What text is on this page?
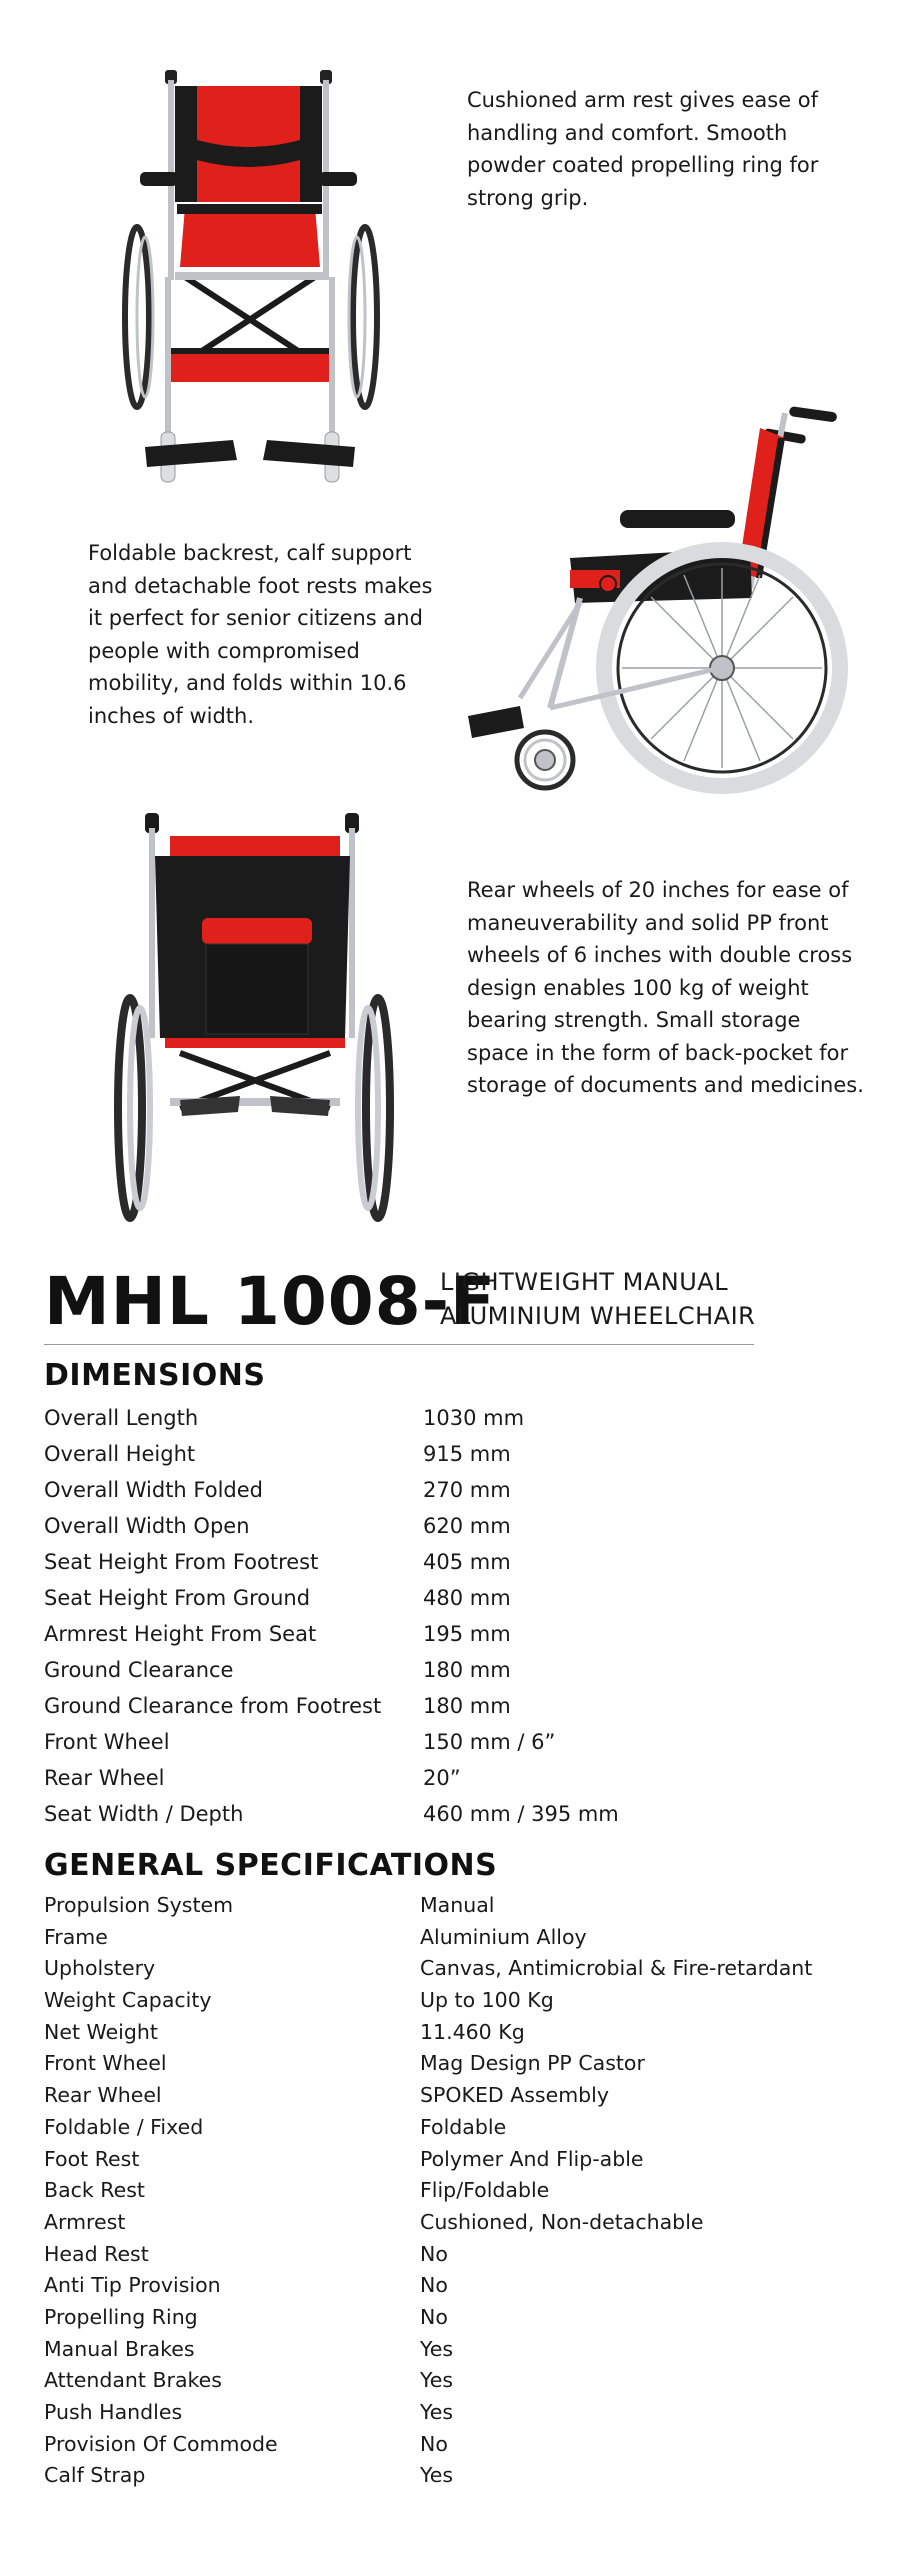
Cushioned arm rest gives ease of handling and comfort. Smooth powder coated propelling ring for strong grip.

Foldable backrest, calf support and detachable foot rests makes it perfect for senior citizens and people with compromised mobility, and folds within 10.6 inches of width.

Rear wheels of 20 inches for ease of maneuverability and solid PP front wheels of 6 inches with double cross design enables 100 kg of weight bearing strength. Small storage space in the form of back-pocket for storage of documents and medicines.

MHL 1008-F
LIGHTWEIGHT MANUAL
ALUMINIUM WHEELCHAIR
DIMENSIONS
Overall Length	1030 mm
Overall Height	915 mm
Overall Width Folded	270 mm
Overall Width Open	620 mm
Seat Height From Footrest	405 mm
Seat Height From Ground	480 mm
Armrest Height From Seat	195 mm
Ground Clearance	180 mm
Ground Clearance from Footrest 180 mm
Front Wheel	150 mm / 6”
Rear Wheel	20”
Seat Width / Depth	460 mm / 395 mm
GENERAL SPECIFICATIONS
Propulsion System	Manual
Frame	Aluminium Alloy
Upholstery	Canvas, Antimicrobial & Fire-retardant
Weight Capacity	Up to 100 Kg
Net Weight	11.460 Kg
Front Wheel	Mag Design PP Castor
Rear Wheel	SPOKED Assembly
Foldable / Fixed	Foldable
Foot Rest	Polymer And Flip-able
Back Rest	Flip/Foldable
Armrest	Cushioned, Non-detachable
Head Rest	No
Anti Tip Provision	No
Propelling Ring	No
Manual Brakes	Yes
Attendant Brakes	Yes
Push Handles	Yes
Provision Of Commode	No
Calf Strap	Yes
